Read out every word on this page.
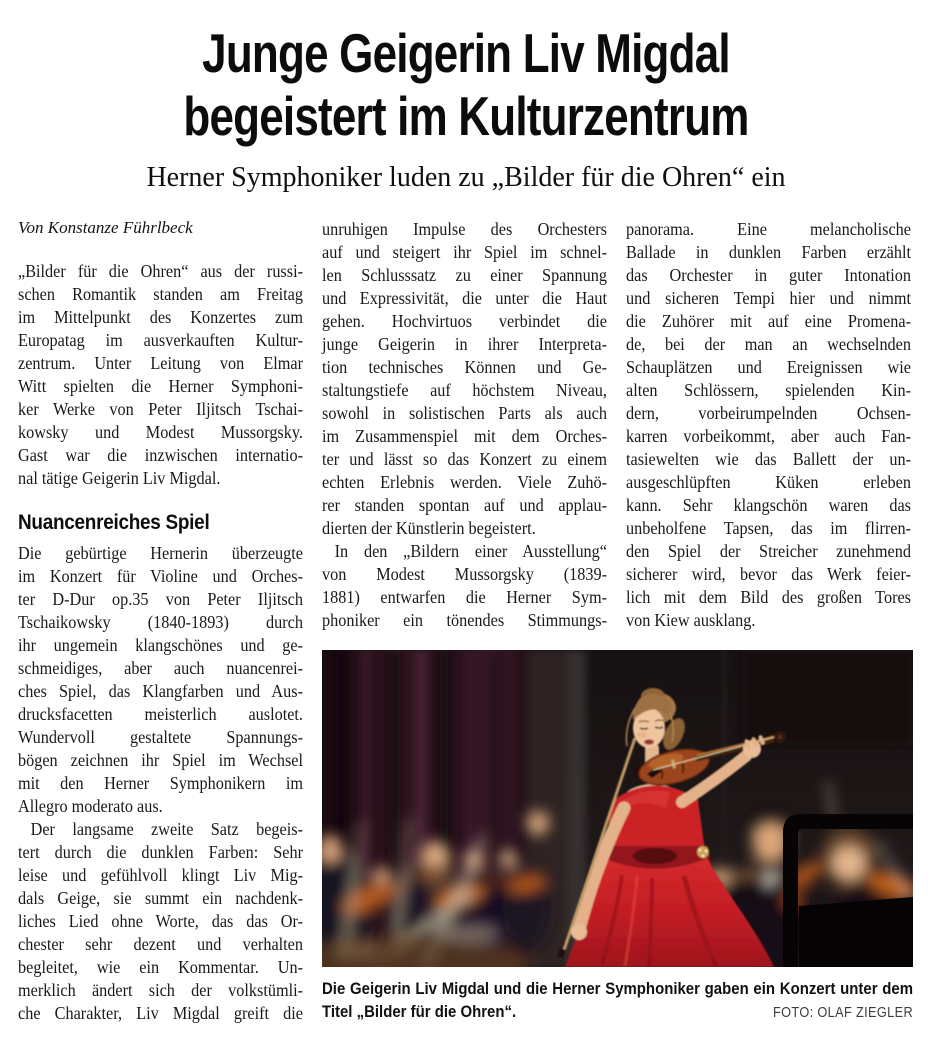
Junge Geigerin Liv Migdal
begeistert im Kulturzentrum
Herner Symphoniker luden zu „Bilder für die Ohren“ ein
Von Konstanze Führlbeck
„Bilder für die Ohren“ aus der russi-
schen Romantik standen am Freitag
im Mittelpunkt des Konzertes zum
Europatag im ausverkauften Kultur-
zentrum. Unter Leitung von Elmar
Witt spielten die Herner Symphoni-
ker Werke von Peter Iljitsch Tschai-
kowsky und Modest Mussorgsky.
Gast war die inzwischen internatio-
nal tätige Geigerin Liv Migdal.
Nuancenreiches Spiel
Die gebürtige Hernerin überzeugte
im Konzert für Violine und Orches-
ter D-Dur op.35 von Peter Iljitsch
Tschaikowsky (1840-1893) durch
ihr ungemein klangschönes und ge-
schmeidiges, aber auch nuancenrei-
ches Spiel, das Klangfarben und Aus-
drucksfacetten meisterlich auslotet.
Wundervoll gestaltete Spannungs-
bögen zeichnen ihr Spiel im Wechsel
mit den Herner Symphonikern im
Allegro moderato aus.
Der langsame zweite Satz begeis-
tert durch die dunklen Farben: Sehr
leise und gefühlvoll klingt Liv Mig-
dals Geige, sie summt ein nachdenk-
liches Lied ohne Worte, das das Or-
chester sehr dezent und verhalten
begleitet, wie ein Kommentar. Un-
merklich ändert sich der volkstümli-
che Charakter, Liv Migdal greift die
unruhigen Impulse des Orchesters
auf und steigert ihr Spiel im schnel-
len Schlusssatz zu einer Spannung
und Expressivität, die unter die Haut
gehen. Hochvirtuos verbindet die
junge Geigerin in ihrer Interpreta-
tion technisches Können und Ge-
staltungstiefe auf höchstem Niveau,
sowohl in solistischen Parts als auch
im Zusammenspiel mit dem Orches-
ter und lässt so das Konzert zu einem
echten Erlebnis werden. Viele Zuhö-
rer standen spontan auf und applau-
dierten der Künstlerin begeistert.
In den „Bildern einer Ausstellung“
von Modest Mussorgsky (1839-
1881) entwarfen die Herner Sym-
phoniker ein tönendes Stimmungs-
panorama. Eine melancholische
Ballade in dunklen Farben erzählt
das Orchester in guter Intonation
und sicheren Tempi hier und nimmt
die Zuhörer mit auf eine Promena-
de, bei der man an wechselnden
Schauplätzen und Ereignissen wie
alten Schlössern, spielenden Kin-
dern, vorbeirumpelnden Ochsen-
karren vorbeikommt, aber auch Fan-
tasiewelten wie das Ballett der un-
ausgeschlüpften Küken erleben
kann. Sehr klangschön waren das
unbeholfene Tapsen, das im flirren-
den Spiel der Streicher zunehmend
sicherer wird, bevor das Werk feier-
lich mit dem Bild des großen Tores
von Kiew ausklang.
Die Geigerin Liv Migdal und die Herner Symphoniker gaben ein Konzert unter dem
Titel „Bilder für die Ohren“.	FOTO: OLAF ZIEGLER
